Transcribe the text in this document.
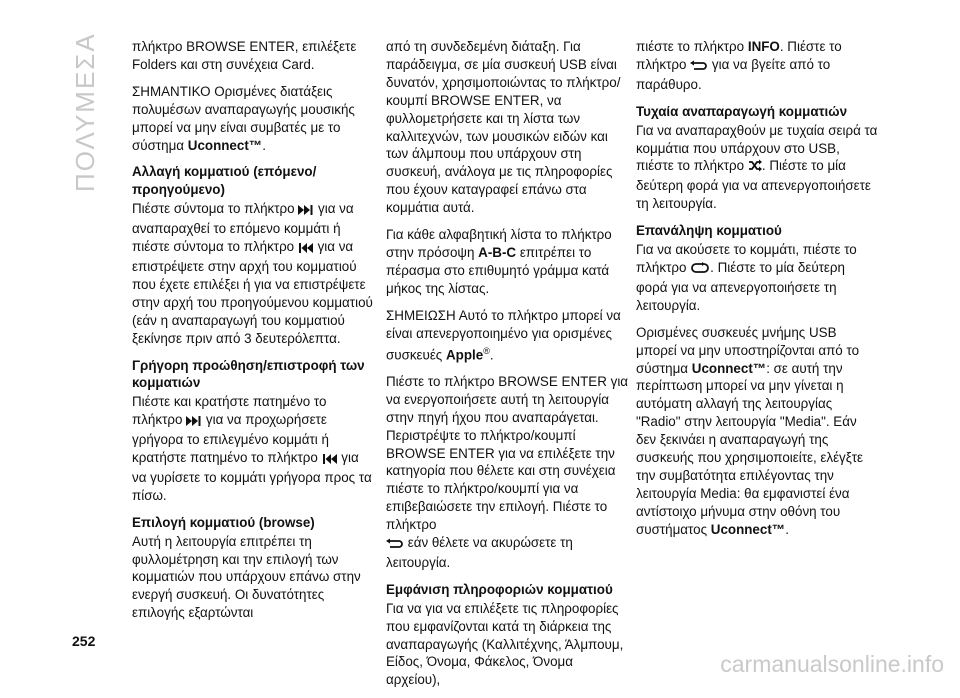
ΠΟΛΥΜΕΣΑ	πλήκτρο BROWSE ENTER, επιλέξετε Folders και στη συνέχεια Card.

ΣΗΜΑΝΤΙΚΟ Ορισμένες διατάξεις πολυμέσων αναπαραγωγής μουσικής μπορεί να μην είναι συμβατές με το σύστημα Uconnect™.

Αλλαγή κομματιού (επόμενο/προηγούμενο)

Πιέστε σύντομα το πλήκτρο για να αναπαραχθεί το επόμενο κομμάτι ή πιέστε σύντομα το πλήκτρο για να επιστρέψετε στην αρχή του κομματιού που έχετε επιλέξει ή για να επιστρέψετε στην αρχή του προηγούμενου κομματιού (εάν η αναπαραγωγή του κομματιού ξεκίνησε πριν από 3 δευτερόλεπτα.

Γρήγορη προώθηση/επιστροφή των κομματιών

Πιέστε και κρατήστε πατημένο το πλήκτρο για να προχωρήσετε γρήγορα το επιλεγμένο κομμάτι ή κρατήστε πατημένο το πλήκτρο για να γυρίσετε το κομμάτι γρήγορα προς τα πίσω.

Επιλογή κομματιού (browse)

Αυτή η λειτουργία επιτρέπει τη φυλλομέτρηση και την επιλογή των κομματιών που υπάρχουν επάνω στην ενεργή συσκευή. Οι δυνατότητες επιλογής εξαρτώνται

από τη συνδεδεμένη διάταξη. Για παράδειγμα, σε μία συσκευή USB είναι δυνατόν, χρησιμοποιώντας το πλήκτρο/κουμπί BROWSE ENTER, να φυλλομετρήσετε και τη λίστα των καλλιτεχνών, των μουσικών ειδών και των άλμπουμ που υπάρχουν στη συσκευή, ανάλογα με τις πληροφορίες που έχουν καταγραφεί επάνω στα κομμάτια αυτά.

Για κάθε αλφαβητική λίστα το πλήκτρο στην πρόσοψη A-B-C επιτρέπει το πέρασμα στο επιθυμητό γράμμα κατά μήκος της λίστας.

ΣΗΜΕΙΩΣΗ Αυτό το πλήκτρο μπορεί να είναι απενεργοποιημένο για ορισμένες συσκευές Apple®.

Πιέστε το πλήκτρο BROWSE ENTER για να ενεργοποιήσετε αυτή τη λειτουργία στην πηγή ήχου που αναπαράγεται. Περιστρέψτε το πλήκτρο/κουμπί BROWSE ENTER για να επιλέξετε την κατηγορία που θέλετε και στη συνέχεια πιέστε το πλήκτρο/κουμπί για να επιβεβαιώσετε την επιλογή. Πιέστε το πλήκτρο
εάν θέλετε να ακυρώσετε τη λειτουργία.

Εμφάνιση πληροφοριών κομματιού

Για να για να επιλέξετε τις πληροφορίες που εμφανίζονται κατά τη διάρκεια της αναπαραγωγής (Καλλιτέχνης, Άλμπουμ, Είδος, Όνομα, Φάκελος, Όνομα αρχείου),

πιέστε το πλήκτρο INFO. Πιέστε το πλήκτρο για να βγείτε από το παράθυρο.

Τυχαία αναπαραγωγή κομματιών

Για να αναπαραχθούν με τυχαία σειρά τα κομμάτια που υπάρχουν στο USB, πιέστε το πλήκτρο . Πιέστε το μία δεύτερη φορά για να απενεργοποιήσετε τη λειτουργία.

Επανάληψη κομματιού

Για να ακούσετε το κομμάτι, πιέστε το πλήκτρο . Πιέστε το μία δεύτερη φορά για να απενεργοποιήσετε τη λειτουργία.

Ορισμένες συσκευές μνήμης USB μπορεί να μην υποστηρίζονται από το σύστημα Uconnect™: σε αυτή την περίπτωση μπορεί να μην γίνεται η αυτόματη αλλαγή της λειτουργίας "Radio" στην λειτουργία "Media". Εάν δεν ξεκινάει η αναπαραγωγή της συσκευής που χρησιμοποιείτε, ελέγξτε την συμβατότητα επιλέγοντας την λειτουργία Media: θα εμφανιστεί ένα αντίστοιχο μήνυμα στην οθόνη του συστήματος Uconnect™.

252
carmanualsonline.info
